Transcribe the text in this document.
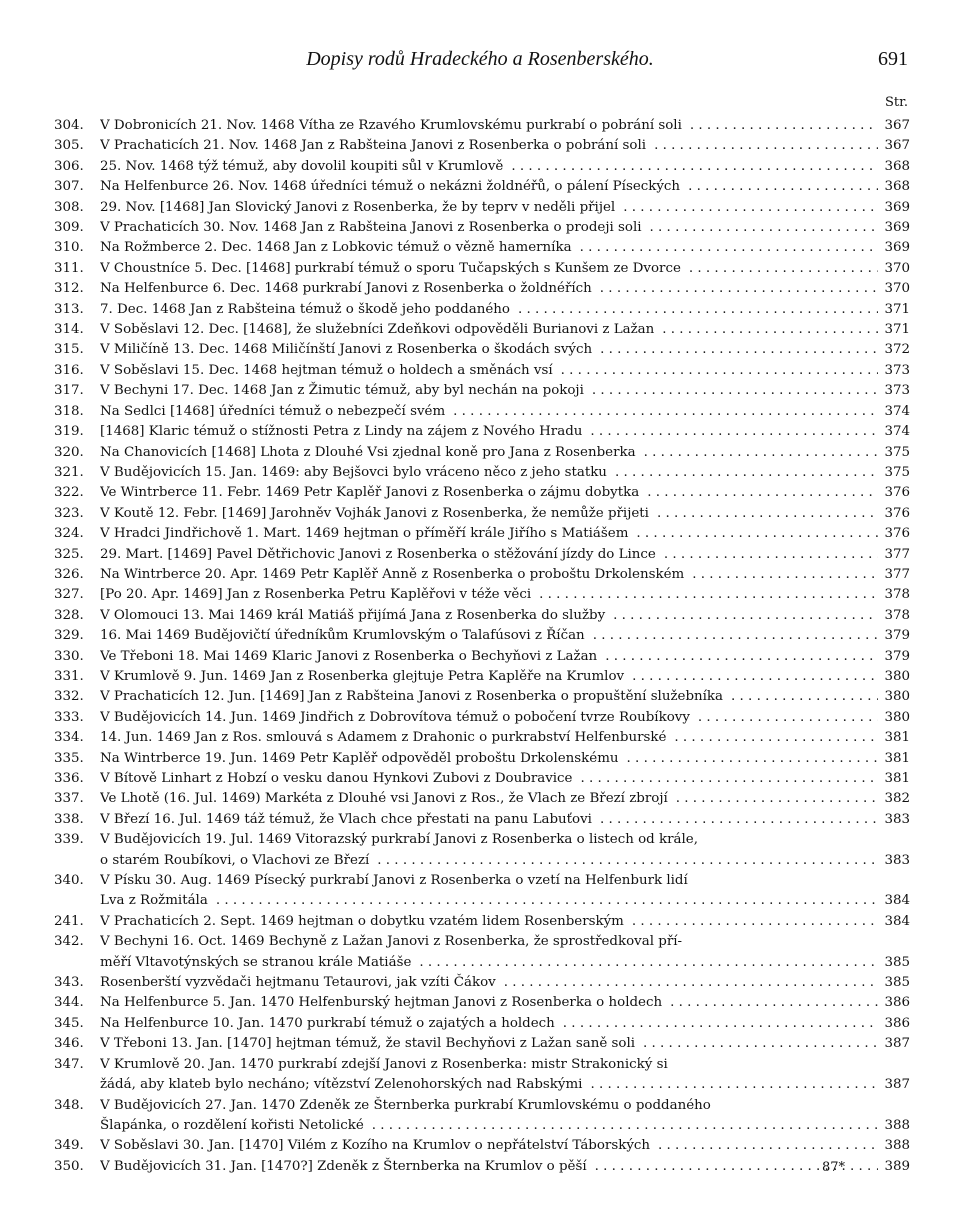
Dopisy rodů Hradeckého a Rosenberského.	691
Str.
304.	V Dobronicích 21. Nov. 1468 Vítha ze Rzavého Krumlovskému purkrabí o pobrání soli . . .	367
305.	V Prachaticích 21. Nov. 1468 Jan z Rabšteina Janovi z Rosenberka o pobrání soli . . .	367
306.	25. Nov. 1468 týž témuž, aby dovolil koupiti sůl v Krumlově . . .	368
307.	Na Helfenburce 26. Nov. 1468 úředníci témuž o nekázni žoldnéřů, o pálení Píseckých . . .	368
308.	29. Nov. [1468] Jan Slovický Janovi z Rosenberka, že by teprv v neděli přijel . . .	369
309.	V Prachaticích 30. Nov. 1468 Jan z Rabšteina Janovi z Rosenberka o prodeji soli . . .	369
310.	Na Rožmberce 2. Dec. 1468 Jan z Lobkovic témuž o vězně hamerníka . . .	369
311.	V Choustníce 5. Dec. [1468] purkrabí témuž o sporu Tučapských s Kunšem ze Dvorce . . .	370
312.	Na Helfenburce 6. Dec. 1468 purkrabí Janovi z Rosenberka o žoldnéřích . . .	370
313.	7. Dec. 1468 Jan z Rabšteina témuž o škodě jeho poddaného . . .	371
314.	V Soběslavi 12. Dec. [1468], že služebníci Zdeňkovi odpověděli Burianovi z Lažan . . .	371
315.	V Miličíně 13. Dec. 1468 Miličínští Janovi z Rosenberka o škodách svých . . .	372
316.	V Soběslavi 15. Dec. 1468 hejtman témuž o holdech a směnách vsí . . .	373
317.	V Bechyni 17. Dec. 1468 Jan z Žimutic témuž, aby byl nechán na pokoji . . .	373
318.	Na Sedlci [1468] úředníci témuž o nebezpečí svém . . .	374
319.	[1468] Klaric témuž o stížnosti Petra z Lindy na zájem z Nového Hradu . . .	374
320.	Na Chanovicích [1468] Lhota z Dlouhé Vsi zjednal koně pro Jana z Rosenberka . . .	375
321.	V Budějovicích 15. Jan. 1469: aby Bejšovci bylo vráceno něco z jeho statku . . .	375
322.	Ve Wintrberce 11. Febr. 1469 Petr Kaplěř Janovi z Rosenberka o zájmu dobytka . . .	376
323.	V Koutě 12. Febr. [1469] Jarohněv Vojhák Janovi z Rosenberka, že nemůže přijeti . . .	376
324.	V Hradci Jindřichově 1. Mart. 1469 hejtman o příměří krále Jiřího s Matiášem . . .	376
325.	29. Mart. [1469] Pavel Dětřichovic Janovi z Rosenberka o stěžování jízdy do Lince . . .	377
326.	Na Wintrberce 20. Apr. 1469 Petr Kaplěř Anně z Rosenberka o proboštu Drkolenském . . .	377
327.	[Po 20. Apr. 1469] Jan z Rosenberka Petru Kaplěřovi v téže věci . . .	378
328.	V Olomouci 13. Mai 1469 král Matiáš přijímá Jana z Rosenberka do služby . . .	378
329.	16. Mai 1469 Budějovičtí úředníkům Krumlovským o Talafúsovi z Říčan . . .	379
330.	Ve Třeboni 18. Mai 1469 Klaric Janovi z Rosenberka o Bechyňovi z Lažan . . .	379
331.	V Krumlově 9. Jun. 1469 Jan z Rosenberka glejtuje Petra Kaplěře na Krumlov . . .	380
332.	V Prachaticích 12. Jun. [1469] Jan z Rabšteina Janovi z Rosenberka o propuštění služebníka . . .	380
333.	V Budějovicích 14. Jun. 1469 Jindřich z Dobrovítova témuž o pobočení tvrze Roubíkovy . . .	380
334.	14. Jun. 1469 Jan z Ros. smlouvá s Adamem z Drahonic o purkrabství Helfenburské . . .	381
335.	Na Wintrberce 19. Jun. 1469 Petr Kaplěř odpověděl proboštu Drkolenskému . . .	381
336.	V Bítově Linhart z Hobzí o vesku danou Hynkovi Zubovi z Doubravice . . .	381
337.	Ve Lhotě (16. Jul. 1469) Markéta z Dlouhé vsi Janovi z Ros., že Vlach ze Březí zbrojí . . .	382
338.	V Březí 16. Jul. 1469 táž témuž, že Vlach chce přestati na panu Labuťovi . . .	383
339.	V Budějovicích 19. Jul. 1469 Vitorazský purkrabí Janovi z Rosenberka o listech od krále,
o starém Roubíkovi, o Vlachovi ze Březí . . .	383
340.	V Písku 30. Aug. 1469 Písecký purkrabí Janovi z Rosenberka o vzetí na Helfenburk lidí
Lva z Rožmitála . . .	384
241.	V Prachaticích 2. Sept. 1469 hejtman o dobytku vzatém lidem Rosenberským . . .	384
342.	V Bechyni 16. Oct. 1469 Bechyně z Lažan Janovi z Rosenberka, že sprostředkoval pří-
měří Vltavotýnských se stranou krále Matiáše . . .	385
343.	Rosenberští vyzvědači hejtmanu Tetaurovi, jak vzíti Čákov . . .	385
344.	Na Helfenburce 5. Jan. 1470 Helfenburský hejtman Janovi z Rosenberka o holdech . . .	386
345.	Na Helfenburce 10. Jan. 1470 purkrabí témuž o zajatých a holdech . . .	386
346.	V Třeboni 13. Jan. [1470] hejtman témuž, že stavil Bechyňovi z Lažan saně soli . . .	387
347.	V Krumlově 20. Jan. 1470 purkrabí zdejší Janovi z Rosenberka: mistr Strakonický si
žádá, aby klateb bylo necháno; vítězství Zelenohorských nad Rabskými . . .	387
348.	V Budějovicích 27. Jan. 1470 Zdeněk ze Šternberka purkrabí Krumlovskému o poddaného
Šlapánka, o rozdělení kořisti Netolické . . .	388
349.	V Soběslavi 30. Jan. [1470] Vilém z Kozího na Krumlov o nepřátelství Táborských . . .	388
350.	V Budějovicích 31. Jan. [1470?] Zdeněk z Šternberka na Krumlov o pěší . . .	389
87*
